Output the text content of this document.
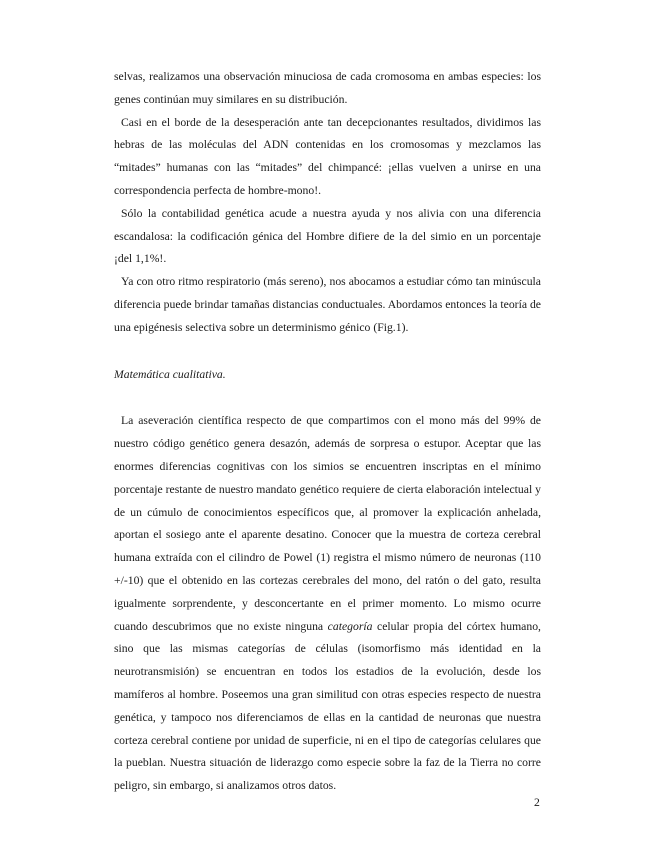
selvas, realizamos una observación minuciosa de cada cromosoma en ambas especies: los genes continúan muy similares en su distribución.

Casi en el borde de la desesperación ante tan decepcionantes resultados, dividimos las hebras de las moléculas del ADN contenidas en los cromosomas y mezclamos las “mitades” humanas con las “mitades” del chimpancé: ¡ellas vuelven a unirse en una correspondencia perfecta de hombre-mono!.

Sólo la contabilidad genética acude a nuestra ayuda y nos alivia con una diferencia escandalosa: la codificación génica del Hombre difiere de la del simio en un porcentaje ¡del 1,1%!.

Ya con otro ritmo respiratorio (más sereno), nos abocamos a estudiar cómo tan minúscula diferencia puede brindar tamañas distancias conductuales. Abordamos entonces la teoría de una epigénesis selectiva sobre un determinismo génico (Fig.1).

Matemática cualitativa.

La aseveración científica respecto de que compartimos con el mono más del 99% de nuestro código genético genera desazón, además de sorpresa o estupor. Aceptar que las enormes diferencias cognitivas con los simios se encuentren inscriptas en el mínimo porcentaje restante de nuestro mandato genético requiere de cierta elaboración intelectual y de un cúmulo de conocimientos específicos que, al promover la explicación anhelada, aportan el sosiego ante el aparente desatino. Conocer que la muestra de corteza cerebral humana extraída con el cilindro de Powel (1) registra el mismo número de neuronas (110 +/-10) que el obtenido en las cortezas cerebrales del mono, del ratón o del gato, resulta igualmente sorprendente, y desconcertante en el primer momento. Lo mismo ocurre cuando descubrimos que no existe ninguna categoría celular propia del córtex humano, sino que las mismas categorías de células (isomorfismo más identidad en la neurotransmisión) se encuentran en todos los estadios de la evolución, desde los mamíferos al hombre. Poseemos una gran similitud con otras especies respecto de nuestra genética, y tampoco nos diferenciamos de ellas en la cantidad de neuronas que nuestra corteza cerebral contiene por unidad de superficie, ni en el tipo de categorías celulares que la pueblan. Nuestra situación de liderazgo como especie sobre la faz de la Tierra no corre peligro, sin embargo, si analizamos otros datos.

2
